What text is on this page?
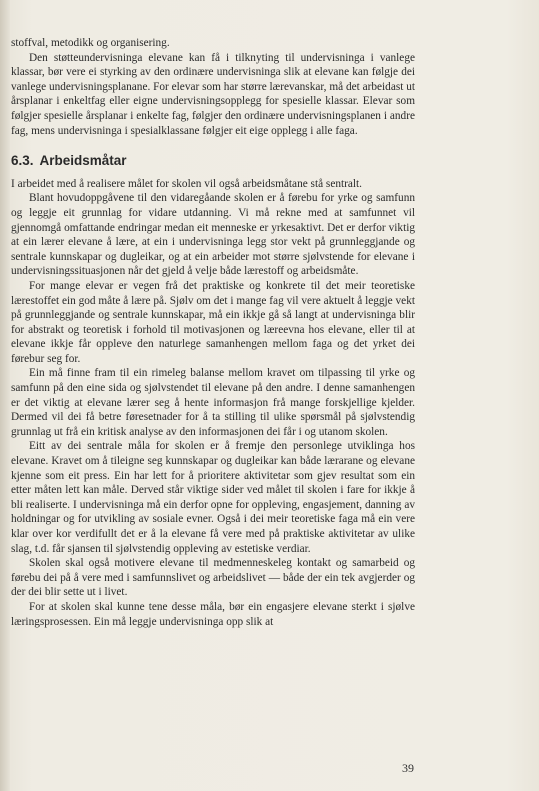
stoffval, metodikk og organisering.

Den støtteundervisninga elevane kan få i tilknyting til undervisninga i vanlege klassar, bør vere ei styrking av den ordinære undervisninga slik at elevane kan følgje dei vanlege undervisningsplanane. For elevar som har større lærevanskar, må det arbeidast ut årsplanar i enkeltfag eller eigne undervisningsopplegg for spesielle klassar. Elevar som følgjer spesielle årsplanar i enkelte fag, følgjer den ordinære undervisningsplanen i andre fag, mens undervisninga i spesialklassane følgjer eit eige opplegg i alle faga.

6.3. Arbeidsmåtar

I arbeidet med å realisere målet for skolen vil også arbeidsmåtane stå sentralt.

Blant hovudoppgåvene til den vidaregåande skolen er å førebu for yrke og samfunn og leggje eit grunnlag for vidare utdanning. Vi må rekne med at samfunnet vil gjennomgå omfattande endringar medan eit menneske er yrkesaktivt. Det er derfor viktig at ein lærer elevane å lære, at ein i undervisninga legg stor vekt på grunnleggjande og sentrale kunnskapar og dugleikar, og at ein arbeider mot større sjølvstende for elevane i undervisningssituasjonen når det gjeld å velje både lærestoff og arbeidsmåte.

For mange elevar er vegen frå det praktiske og konkrete til det meir teoretiske lærestoffet ein god måte å lære på. Sjølv om det i mange fag vil vere aktuelt å leggje vekt på grunnleggjande og sentrale kunnskapar, må ein ikkje gå så langt at undervisninga blir for abstrakt og teoretisk i forhold til motivasjonen og læreevna hos elevane, eller til at elevane ikkje får oppleve den naturlege samanhengen mellom faga og det yrket dei førebur seg for.

Ein må finne fram til ein rimeleg balanse mellom kravet om tilpassing til yrke og samfunn på den eine sida og sjølvstendet til elevane på den andre. I denne samanhengen er det viktig at elevane lærer seg å hente informasjon frå mange forskjellige kjelder. Dermed vil dei få betre føresetnader for å ta stilling til ulike spørsmål på sjølvstendig grunnlag ut frå ein kritisk analyse av den informasjonen dei får i og utanom skolen.

Eitt av dei sentrale måla for skolen er å fremje den personlege utviklinga hos elevane. Kravet om å tileigne seg kunnskapar og dugleikar kan både lærarane og elevane kjenne som eit press. Ein har lett for å prioritere aktivitetar som gjev resultat som ein etter måten lett kan måle. Derved står viktige sider ved målet til skolen i fare for ikkje å bli realiserte. I undervisninga må ein derfor opne for oppleving, engasjement, danning av holdningar og for utvikling av sosiale evner. Også i dei meir teoretiske faga må ein vere klar over kor verdifullt det er å la elevane få vere med på praktiske aktivitetar av ulike slag, t.d. får sjansen til sjølvstendig oppleving av estetiske verdiar.

Skolen skal også motivere elevane til medmenneskeleg kontakt og samarbeid og førebu dei på å vere med i samfunnslivet og arbeidslivet — både der ein tek avgjerder og der dei blir sette ut i livet.

For at skolen skal kunne tene desse måla, bør ein engasjere elevane sterkt i sjølve læringsprosessen. Ein må leggje undervisninga opp slik at

39
